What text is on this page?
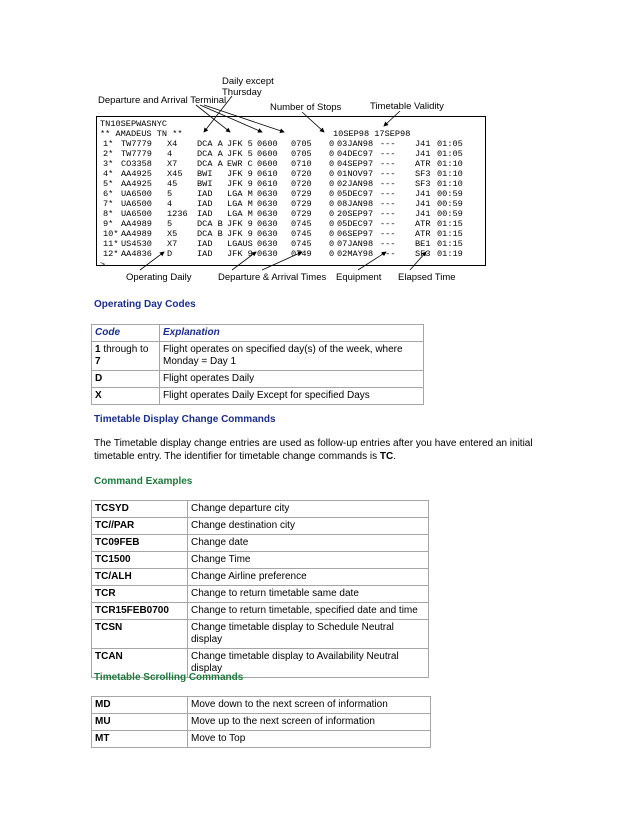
Daily except
Thursday
Departure and Arrival Terminal
Number of Stops	Timetable Validity
TN10SEPWASNYC
** AMADEUS TN **	10SEP98 17SEP98
1* TW7779 X4 DCA A JFK 5 0600 0705 0 03JAN98 --- J41 01:05
2* TW7779 4	DCA A JFK 5 0600 0705 0 04DEC97 --- J41 01:05
3* CO3358 X7 DCA A EWR C 0600 0710 0 04SEP97 --- ATR 01:10
4* AA4925 X45 BWI JFK 9 0610 0720 0 01NOV97 --- SF3 01:10
5* AA4925 45 BWI JFK 9 0610 0720 0 02JAN98 --- SF3 01:10
6* UA6500 5	IAD LGA M 0630 0729 0 05DEC97 --- J41 00:59
7* UA6500 4	IAD LGA M 0630 0729 0 08JAN98 --- J41 00:59
8* UA6500 1236 IAD LGA M 0630 0729 0 20SEP97 --- J41 00:59
9* AA4989 5	DCA B JFK 9 0630 0745 0 05DEC97 --- ATR 01:15
10* AA4989 X5 DCA B JFK 9 0630 0745 0 06SEP97 --- ATR 01:15
11* US4530 X7 IAD LGAUS 0630 0745 0 07JAN98 --- BE1 01:15
12* AA4836 D	IAD JFK 9 0630 0749 0 02MAY98 --- SF3 01:19
>
Operating Daily	Departure & Arrival Times Equipment Elapsed Time
Operating Day Codes
Code	Explanation
1 through to 7	Flight operates on specified day(s) of the week, where Monday = Day 1
D	Flight operates Daily
X	Flight operates Daily Except for specified Days
Timetable Display Change Commands
The Timetable display change entries are used as follow-up entries after you have entered an initial timetable entry. The identifier for timetable change commands is TC.
Command Examples
TCSYD	Change departure city
TC//PAR	Change destination city
TC09FEB	Change date
TC1500	Change Time
TC/ALH	Change Airline preference
TCR	Change to return timetable same date
TCR15FEB0700	Change to return timetable, specified date and time
TCSN	Change timetable display to Schedule Neutral display
TCAN	Change timetable display to Availability Neutral display
Timetable Scrolling Commands
MD	Move down to the next screen of information
MU	Move up to the next screen of information
MT	Move to Top
